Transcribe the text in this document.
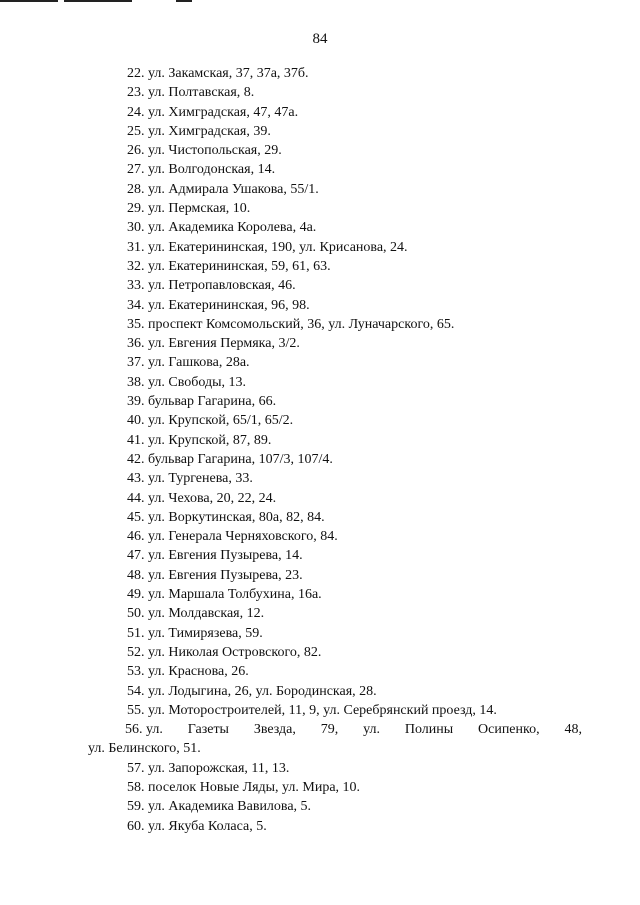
84
22. ул. Закамская, 37, 37а, 37б.
23. ул. Полтавская, 8.
24. ул. Химградская, 47, 47а.
25. ул. Химградская, 39.
26. ул. Чистопольская, 29.
27. ул. Волгодонская, 14.
28. ул. Адмирала Ушакова, 55/1.
29. ул. Пермская, 10.
30. ул. Академика Королева, 4а.
31. ул. Екатерининская, 190, ул. Крисанова, 24.
32. ул. Екатерининская, 59, 61, 63.
33. ул. Петропавловская, 46.
34. ул. Екатерининская, 96, 98.
35. проспект Комсомольский, 36, ул. Луначарского, 65.
36. ул. Евгения Пермяка, 3/2.
37. ул. Гашкова, 28а.
38. ул. Свободы, 13.
39. бульвар Гагарина, 66.
40. ул. Крупской, 65/1, 65/2.
41. ул. Крупской, 87, 89.
42. бульвар Гагарина, 107/3, 107/4.
43. ул. Тургенева, 33.
44. ул. Чехова, 20, 22, 24.
45. ул. Воркутинская, 80а, 82, 84.
46. ул. Генерала Черняховского, 84.
47. ул. Евгения Пузырева, 14.
48. ул. Евгения Пузырева, 23.
49. ул. Маршала Толбухина, 16а.
50. ул. Молдавская, 12.
51. ул. Тимирязева, 59.
52. ул. Николая Островского, 82.
53. ул. Краснова, 26.
54. ул. Лодыгина, 26, ул. Бородинская, 28.
55. ул. Моторостроителей, 11, 9, ул. Серебрянский проезд, 14.
56. ул. Газеты Звезда, 79, ул. Полины Осипенко, 48,
ул. Белинского, 51.
57. ул. Запорожская, 11, 13.
58. поселок Новые Ляды, ул. Мира, 10.
59. ул. Академика Вавилова, 5.
60. ул. Якуба Коласа, 5.
